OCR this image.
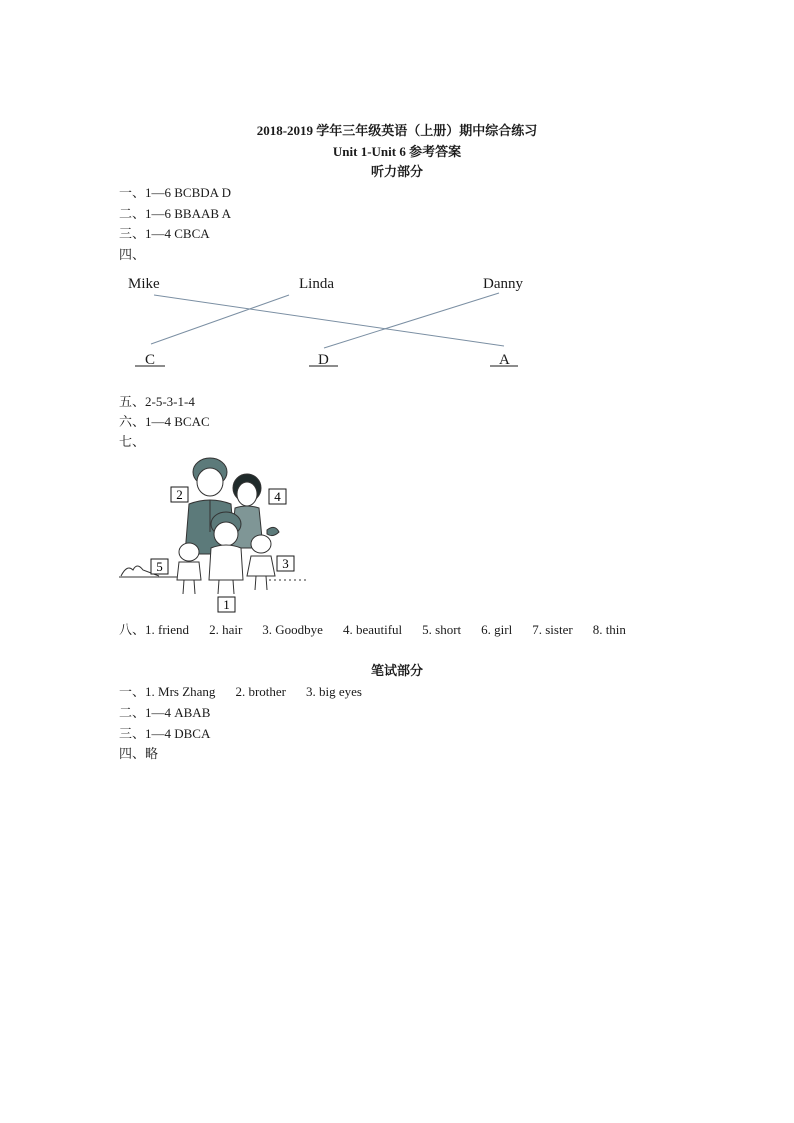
2018-2019 学年三年级英语（上册）期中综合练习
Unit 1-Unit 6 参考答案
听力部分
一、1—6 BCBDA D
二、1—6 BBAAB A
三、1—4 CBCA
四、
Mike	Linda	Danny
C	D	A
五、2-5-3-1-4
六、1—4 BCAC
七、
2	4
5	3
1
八、1. friend 2. hair 3. Goodbye 4. beautiful 5. short 6. girl 7. sister 8. thin
笔试部分
一、1. Mrs Zhang 2. brother 3. big eyes
二、1—4 ABAB
三、1—4 DBCA
四、略
